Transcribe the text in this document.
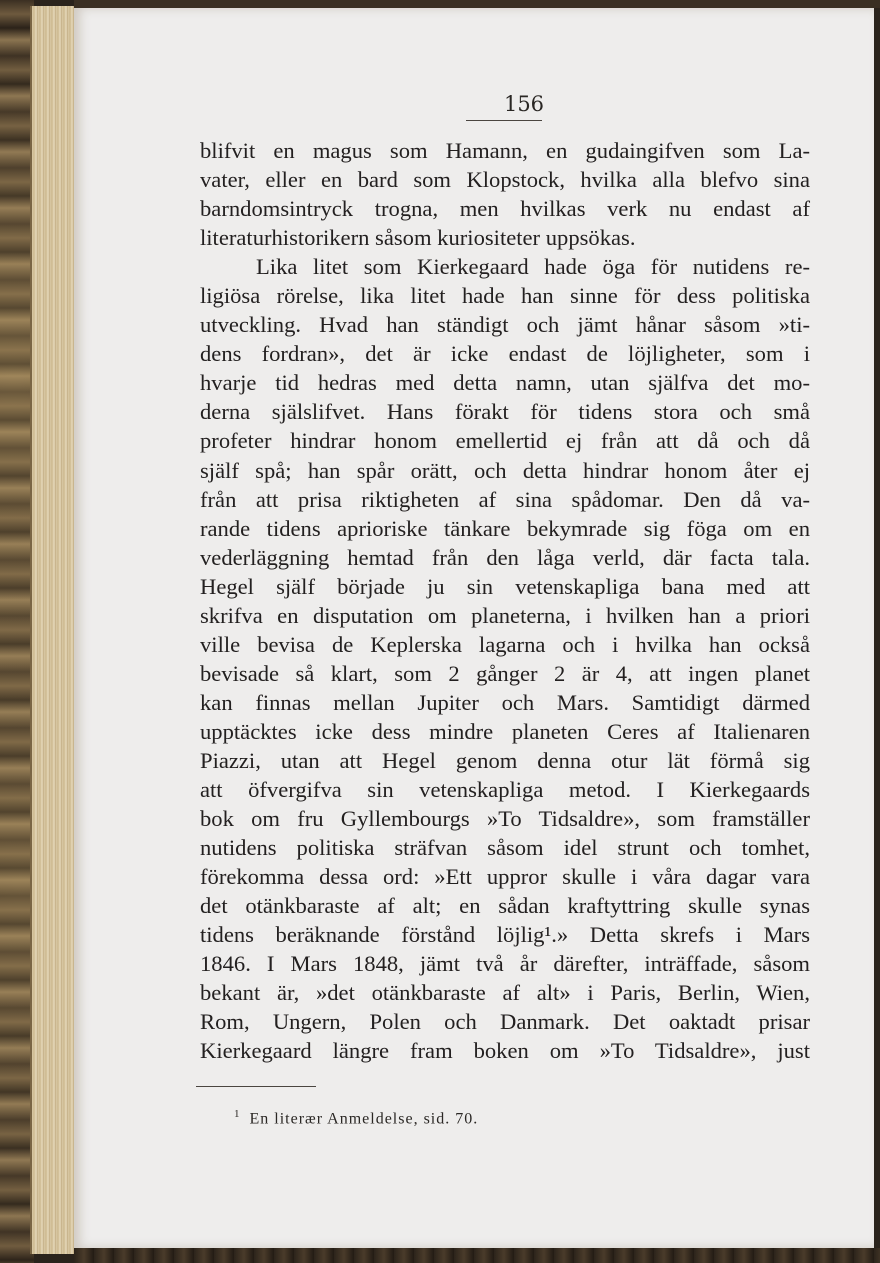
156
blifvit en magus som Hamann, en gudaingifven som La-
vater, eller en bard som Klopstock, hvilka alla blefvo sina
barndomsintryck trogna, men hvilkas verk nu endast af
literaturhistorikern såsom kuriositeter uppsökas.
Lika litet som Kierkegaard hade öga för nutidens re-
ligiösa rörelse, lika litet hade han sinne för dess politiska
utveckling. Hvad han ständigt och jämt hånar såsom »ti-
dens fordran», det är icke endast de löjligheter, som i
hvarje tid hedras med detta namn, utan själfva det mo-
derna själslifvet. Hans förakt för tidens stora och små
profeter hindrar honom emellertid ej från att då och då
själf spå; han spår orätt, och detta hindrar honom åter ej
från att prisa riktigheten af sina spådomar. Den då va-
rande tidens aprioriske tänkare bekymrade sig föga om en
vederläggning hemtad från den låga verld, där facta tala.
Hegel själf började ju sin vetenskapliga bana med att
skrifva en disputation om planeterna, i hvilken han a priori
ville bevisa de Keplerska lagarna och i hvilka han också
bevisade så klart, som 2 gånger 2 är 4, att ingen planet
kan finnas mellan Jupiter och Mars. Samtidigt därmed
upptäcktes icke dess mindre planeten Ceres af Italienaren
Piazzi, utan att Hegel genom denna otur lät förmå sig
att öfvergifva sin vetenskapliga metod. I Kierkegaards
bok om fru Gyllembourgs »To Tidsaldre», som framställer
nutidens politiska sträfvan såsom idel strunt och tomhet,
förekomma dessa ord: »Ett uppror skulle i våra dagar vara
det otänkbaraste af alt; en sådan kraftyttring skulle synas
tidens beräknande förstånd löjlig¹.» Detta skrefs i Mars
1846. I Mars 1848, jämt två år därefter, inträffade, såsom
bekant är, »det otänkbaraste af alt» i Paris, Berlin, Wien,
Rom, Ungern, Polen och Danmark. Det oaktadt prisar
Kierkegaard längre fram boken om »To Tidsaldre», just
$^1$ En literær Anmeldelse, sid. 70.
